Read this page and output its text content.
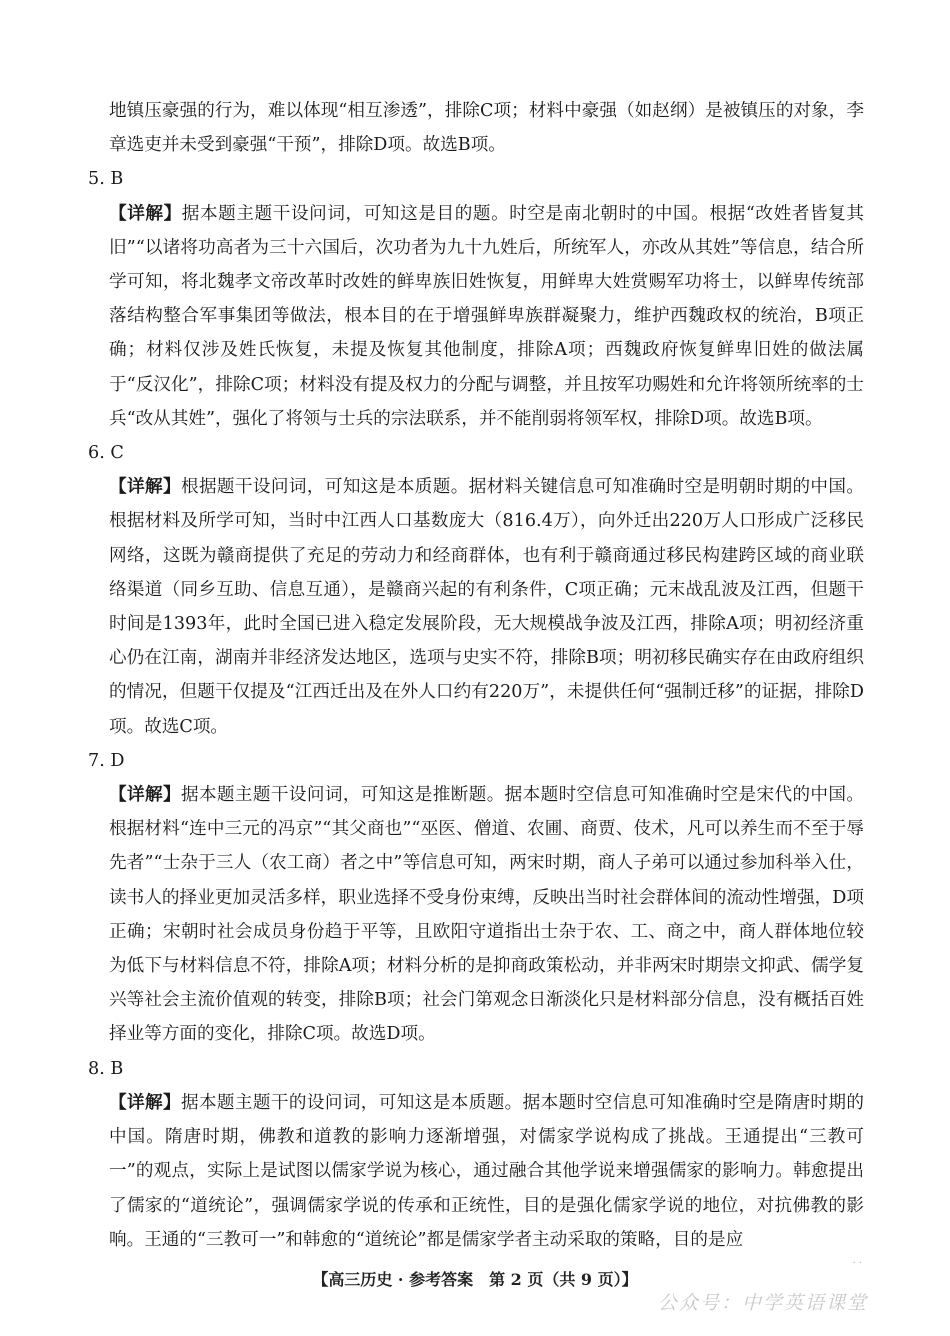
地镇压豪强的行为，难以体现“相互渗透”，排除C项；材料中豪强（如赵纲）是被镇压的对象，李章选吏并未受到豪强“干预”，排除D项。故选B项。

5. B

【详解】据本题主题干设问词，可知这是目的题。时空是南北朝时的中国。根据“改姓者皆复其旧”“以诸将功高者为三十六国后，次功者为九十九姓后，所统军人，亦改从其姓”等信息，结合所学可知，将北魏孝文帝改革时改姓的鲜卑族旧姓恢复，用鲜卑大姓赏赐军功将士，以鲜卑传统部落结构整合军事集团等做法，根本目的在于增强鲜卑族群凝聚力，维护西魏政权的统治，B项正确；材料仅涉及姓氏恢复，未提及恢复其他制度，排除A项；西魏政府恢复鲜卑旧姓的做法属于“反汉化”，排除C项；材料没有提及权力的分配与调整，并且按军功赐姓和允许将领所统率的士兵“改从其姓”，强化了将领与士兵的宗法联系，并不能削弱将领军权，排除D项。故选B项。

6. C

【详解】根据题干设问词，可知这是本质题。据材料关键信息可知准确时空是明朝时期的中国。根据材料及所学可知，当时中江西人口基数庞大（816.4万），向外迁出220万人口形成广泛移民网络，这既为赣商提供了充足的劳动力和经商群体，也有利于赣商通过移民构建跨区域的商业联络渠道（同乡互助、信息互通），是赣商兴起的有利条件，C项正确；元末战乱波及江西，但题干时间是1393年，此时全国已进入稳定发展阶段，无大规模战争波及江西，排除A项；明初经济重心仍在江南，湖南并非经济发达地区，选项与史实不符，排除B项；明初移民确实存在由政府组织的情况，但题干仅提及“江西迁出及在外人口约有220万”，未提供任何“强制迁移”的证据，排除D项。故选C项。

7. D

【详解】据本题主题干设问词，可知这是推断题。据本题时空信息可知准确时空是宋代的中国。根据材料“连中三元的冯京”“其父商也”“巫医、僧道、农圃、商贾、伎术，凡可以养生而不至于辱先者”“士杂于三人（农工商）者之中”等信息可知，两宋时期，商人子弟可以通过参加科举入仕，读书人的择业更加灵活多样，职业选择不受身份束缚，反映出当时社会群体间的流动性增强，D项正确；宋朝时社会成员身份趋于平等，且欧阳守道指出士杂于农、工、商之中，商人群体地位较为低下与材料信息不符，排除A项；材料分析的是抑商政策松动，并非两宋时期崇文抑武、儒学复兴等社会主流价值观的转变，排除B项；社会门第观念日渐淡化只是材料部分信息，没有概括百姓择业等方面的变化，排除C项。故选D项。

8. B

【详解】据本题主题干的设问词，可知这是本质题。据本题时空信息可知准确时空是隋唐时期的中国。隋唐时期，佛教和道教的影响力逐渐增强，对儒家学说构成了挑战。王通提出“三教可一”的观点，实际上是试图以儒家学说为核心，通过融合其他学说来增强儒家的影响力。韩愈提出了儒家的“道统论”，强调儒家学说的传承和正统性，目的是强化儒家学说的地位，对抗佛教的影响。王通的“三教可一”和韩愈的“道统论”都是儒家学者主动采取的策略，目的是应

· ·
【高三历史 · 参考答案　第 2 页（共 9 页）】
公众号：中学英语课堂
